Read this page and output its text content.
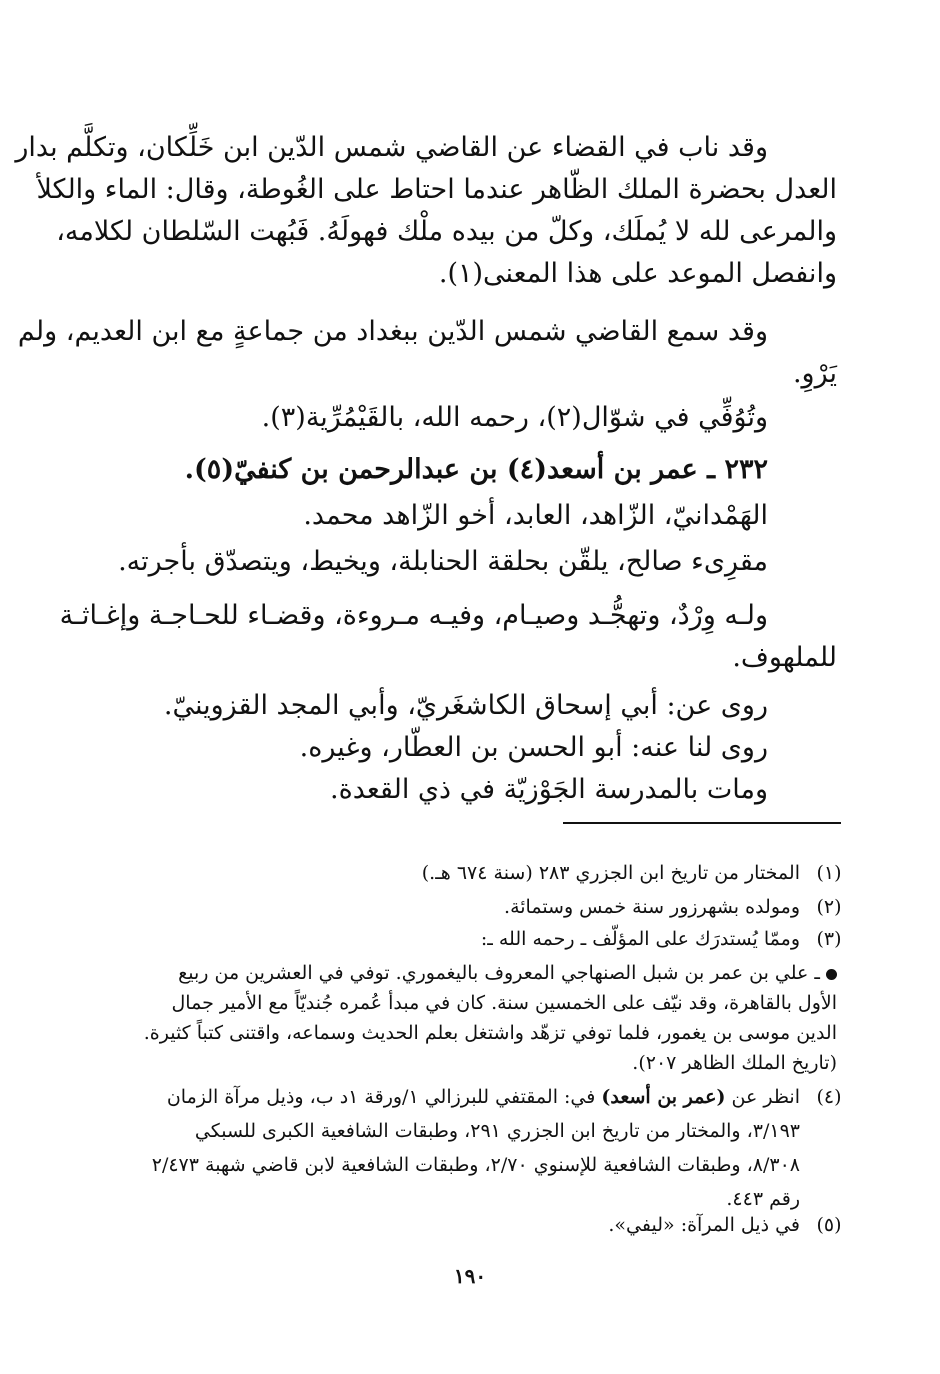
وقد ناب في القضاء عن القاضي شمس الدّين ابن خَلِّكان، وتكلَّم بدار
العدل بحضرة الملك الظّاهر عندما احتاط على الغُوطة، وقال: الماء والكلأ
والمرعى لله لا يُملَك، وكلّ من بيده ملْك فهولَهُ. فَبُهت السّلطان لكلامه،
وانفصل الموعد على هذا المعنى(١).
وقد سمع القاضي شمس الدّين ببغداد من جماعةٍ مع ابن العديم، ولم
يَرْوِ.
وتُوُفِّي في شوّال(٢)، رحمه الله، بالقَيْمُرِّية(٣).
٢٣٢ ـ عمر بن أسعد(٤) بن عبدالرحمن بن كنفيّ(٥).
الهَمْدانيّ، الزّاهد، العابد، أخو الزّاهد محمد.
مقرِىء صالح، يلقّن بحلقة الحنابلة، ويخيط، ويتصدّق بأجرته.
ولـه وِرْدٌ، وتهجُّـد وصيـام، وفيـه مـروءة، وقضـاء للحـاجـة وإغـاثـة
للملهوف.
روى عن: أبي إسحاق الكاشغَريّ، وأبي المجد القزوينيّ.
روى لنا عنه: أبو الحسن بن العطّار، وغيره.
ومات بالمدرسة الجَوْزيّة في ذي القعدة.
(١)
المختار من تاريخ ابن الجزري ٢٨٣ (سنة ٦٧٤ هـ.)
(٢)
ومولده بشهرزور سنة خمس وستمائة.
(٣)
وممّا يُستدرَك على المؤلّف ـ رحمه الله ـ:
ـ علي بن عمر بن شبل الصنهاجي المعروف باليغموري. توفي في العشرين من ربيع
الأول بالقاهرة، وقد نيّف على الخمسين سنة. كان في مبدأ عُمره جُنديّاً مع الأمير جمال
الدين موسى بن يغمور، فلما توفي تزهّد واشتغل بعلم الحديث وسماعه، واقتنى كتباً كثيرة.
(تاريخ الملك الظاهر ٢٠٧).
(٤)
انظر عن (عمر بن أسعد) في: المقتفي للبرزالي ١/ورقة ١د ب، وذيل مرآة الزمان
٣/١٩٣، والمختار من تاريخ ابن الجزري ٢٩١، وطبقات الشافعية الكبرى للسبكي
٨/٣٠٨، وطبقات الشافعية للإسنوي ٢/٧٠، وطبقات الشافعية لابن قاضي شهبة ٢/٤٧٣
رقم ٤٤٣.
(٥)
في ذيل المرآة: «ليفي».
١٩٠
